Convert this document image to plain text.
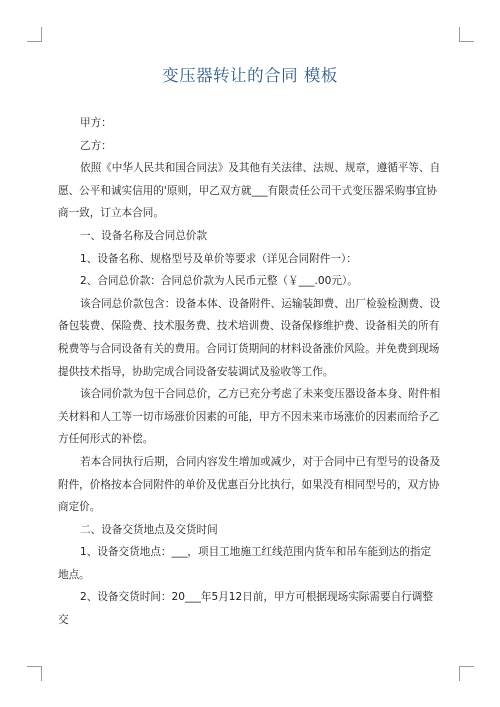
变压器转让的合同 模板

甲方：

乙方：

依照《中华人民共和国合同法》及其他有关法律、法规、规章，遵循平等、自愿、公平和诚实信用的'原则，甲乙双方就___有限责任公司干式变压器采购事宜协商一致，订立本合同。

一、设备名称及合同总价款

1、设备名称、规格型号及单价等要求（详见合同附件一）：

2、合同总价款：合同总价款为人民币元整（￥___.00元）。

该合同总价款包含：设备本体、设备附件、运输装卸费、出厂检验检测费、设备包装费、保险费、技术服务费、技术培训费、设备保修维护费、设备相关的所有税费等与合同设备有关的费用。合同订货期间的材料设备涨价风险。并免费到现场提供技术指导，协助完成合同设备安装调试及验收等工作。

该合同价款为包干合同总价，乙方已充分考虑了未来变压器设备本身、附件相关材料和人工等一切市场涨价因素的可能，甲方不因未来市场涨价的因素而给予乙方任何形式的补偿。

若本合同执行后期，合同内容发生增加或减少，对于合同中已有型号的设备及附件，价格按本合同附件的单价及优惠百分比执行，如果没有相同型号的，双方协商定价。

二、设备交货地点及交货时间

1、设备交货地点：___，项目工地施工红线范围内货车和吊车能到达的指定地点。

2、设备交货时间：20___年5月12日前，甲方可根据现场实际需要自行调整交
